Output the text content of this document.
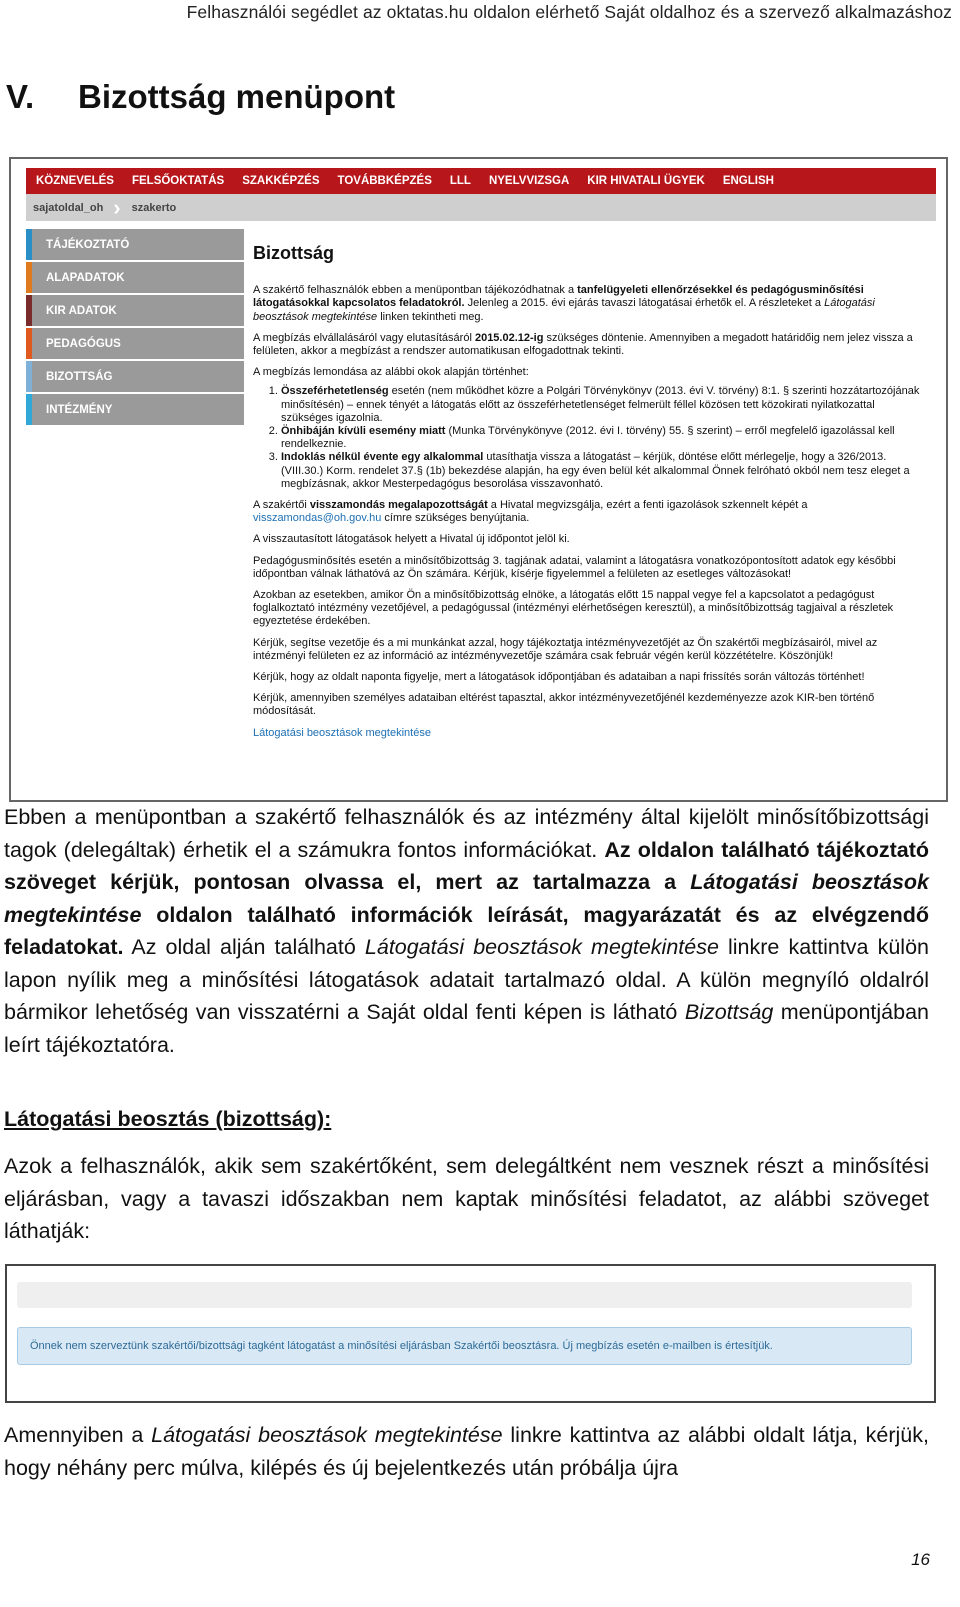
Felhasználói segédlet az oktatas.hu oldalon elérhető Saját oldalhoz és a szervező alkalmazáshoz
V. Bizottság menüpont
KÖZNEVELÉS FELSŐOKTATÁS SZAKKÉPZÉS TOVÁBBKÉPZÉS LLL NYELVVIZSGA KIR HIVATALI ÜGYEK ENGLISH
sajatoldal_oh › szakerto
TÁJÉKOZTATÓ
ALAPADATOK
KIR ADATOK
PEDAGÓGUS
BIZOTTSÁG
INTÉZMÉNY
Bizottság

A szakértő felhasználók ebben a menüpontban tájékozódhatnak a tanfelügyeleti ellenőrzésekkel és pedagógusminősítési látogatásokkal kapcsolatos feladatokról. Jelenleg a 2015. évi ejárás tavaszi látogatásai érhetők el. A részleteket a Látogatási beosztások megtekintése linken tekintheti meg.

A megbízás elvállalásáról vagy elutasításáról 2015.02.12-ig szükséges döntenie. Amennyiben a megadott határidőig nem jelez vissza a felületen, akkor a megbízást a rendszer automatikusan elfogadottnak tekinti.

A megbízás lemondása az alábbi okok alapján történhet:

1. Összeférhetetlenség esetén (nem működhet közre a Polgári Törvénykönyv (2013. évi V. törvény) 8:1. § szerinti hozzátartozójának minősítésén) – ennek tényét a látogatás előtt az összeférhetetlenséget felmerült féllel közösen tett közokirati nyilatkozattal szükséges igazolnia.
2. Önhibáján kívüli esemény miatt (Munka Törvénykönyve (2012. évi I. törvény) 55. § szerint) – erről megfelelő igazolással kell rendelkeznie.
3. Indoklás nélkül évente egy alkalommal utasíthatja vissza a látogatást – kérjük, döntése előtt mérlegelje, hogy a 326/2013. (VIII.30.) Korm. rendelet 37.§ (1b) bekezdése alapján, ha egy éven belül két alkalommal Önnek felróható okból nem tesz eleget a megbízásnak, akkor Mesterpedagógus besorolása visszavonható.

A szakértői visszamondás megalapozottságát a Hivatal megvizsgálja, ezért a fenti igazolások szkennelt képét a visszamondas@oh.gov.hu címre szükséges benyújtania.

A visszautasított látogatások helyett a Hivatal új időpontot jelöl ki.

Pedagógusminősítés esetén a minősítőbizottság 3. tagjának adatai, valamint a látogatásra vonatkozópontosított adatok egy későbbi időpontban válnak láthatóvá az Ön számára. Kérjük, kísérje figyelemmel a felületen az esetleges változásokat!

Azokban az esetekben, amikor Ön a minősítőbizottság elnöke, a látogatás előtt 15 nappal vegye fel a kapcsolatot a pedagógust foglalkoztató intézmény vezetőjével, a pedagógussal (intézményi elérhetőségen keresztül), a minősítőbizottság tagjaival a részletek egyeztetése érdekében.

Kérjük, segítse vezetője és a mi munkánkat azzal, hogy tájékoztatja intézményvezetőjét az Ön szakértői megbízásairól, mivel az intézményi felületen ez az információ az intézményvezetője számára csak február végén kerül közzétételre. Köszönjük!

Kérjük, hogy az oldalt naponta figyelje, mert a látogatások időpontjában és adataiban a napi frissítés során változás történhet!

Kérjük, amennyiben személyes adataiban eltérést tapasztal, akkor intézményvezetőjénél kezdeményezze azok KIR-ben történő módosítását.

Látogatási beosztások megtekintése
Ebben a menüpontban a szakértő felhasználók és az intézmény által kijelölt minősítőbizottsági tagok (delegáltak) érhetik el a számukra fontos információkat. Az oldalon található tájékoztató szöveget kérjük, pontosan olvassa el, mert az tartalmazza a Látogatási beosztások megtekintése oldalon található információk leírását, magyarázatát és az elvégzendő feladatokat. Az oldal alján található Látogatási beosztások megtekintése linkre kattintva külön lapon nyílik meg a minősítési látogatások adatait tartalmazó oldal. A külön megnyíló oldalról bármikor lehetőség van visszatérni a Saját oldal fenti képen is látható Bizottság menüpontjában leírt tájékoztatóra.
Látogatási beosztás (bizottság):
Azok a felhasználók, akik sem szakértőként, sem delegáltként nem vesznek részt a minősítési eljárásban, vagy a tavaszi időszakban nem kaptak minősítési feladatot, az alábbi szöveget láthatják:
Önnek nem szerveztünk szakértői/bizottsági tagként látogatást a minősítési eljárásban Szakértői beosztásra. Új megbízás esetén e-mailben is értesítjük.
Amennyiben a Látogatási beosztások megtekintése linkre kattintva az alábbi oldalt látja, kérjük, hogy néhány perc múlva, kilépés és új bejelentkezés után próbálja újra
16
